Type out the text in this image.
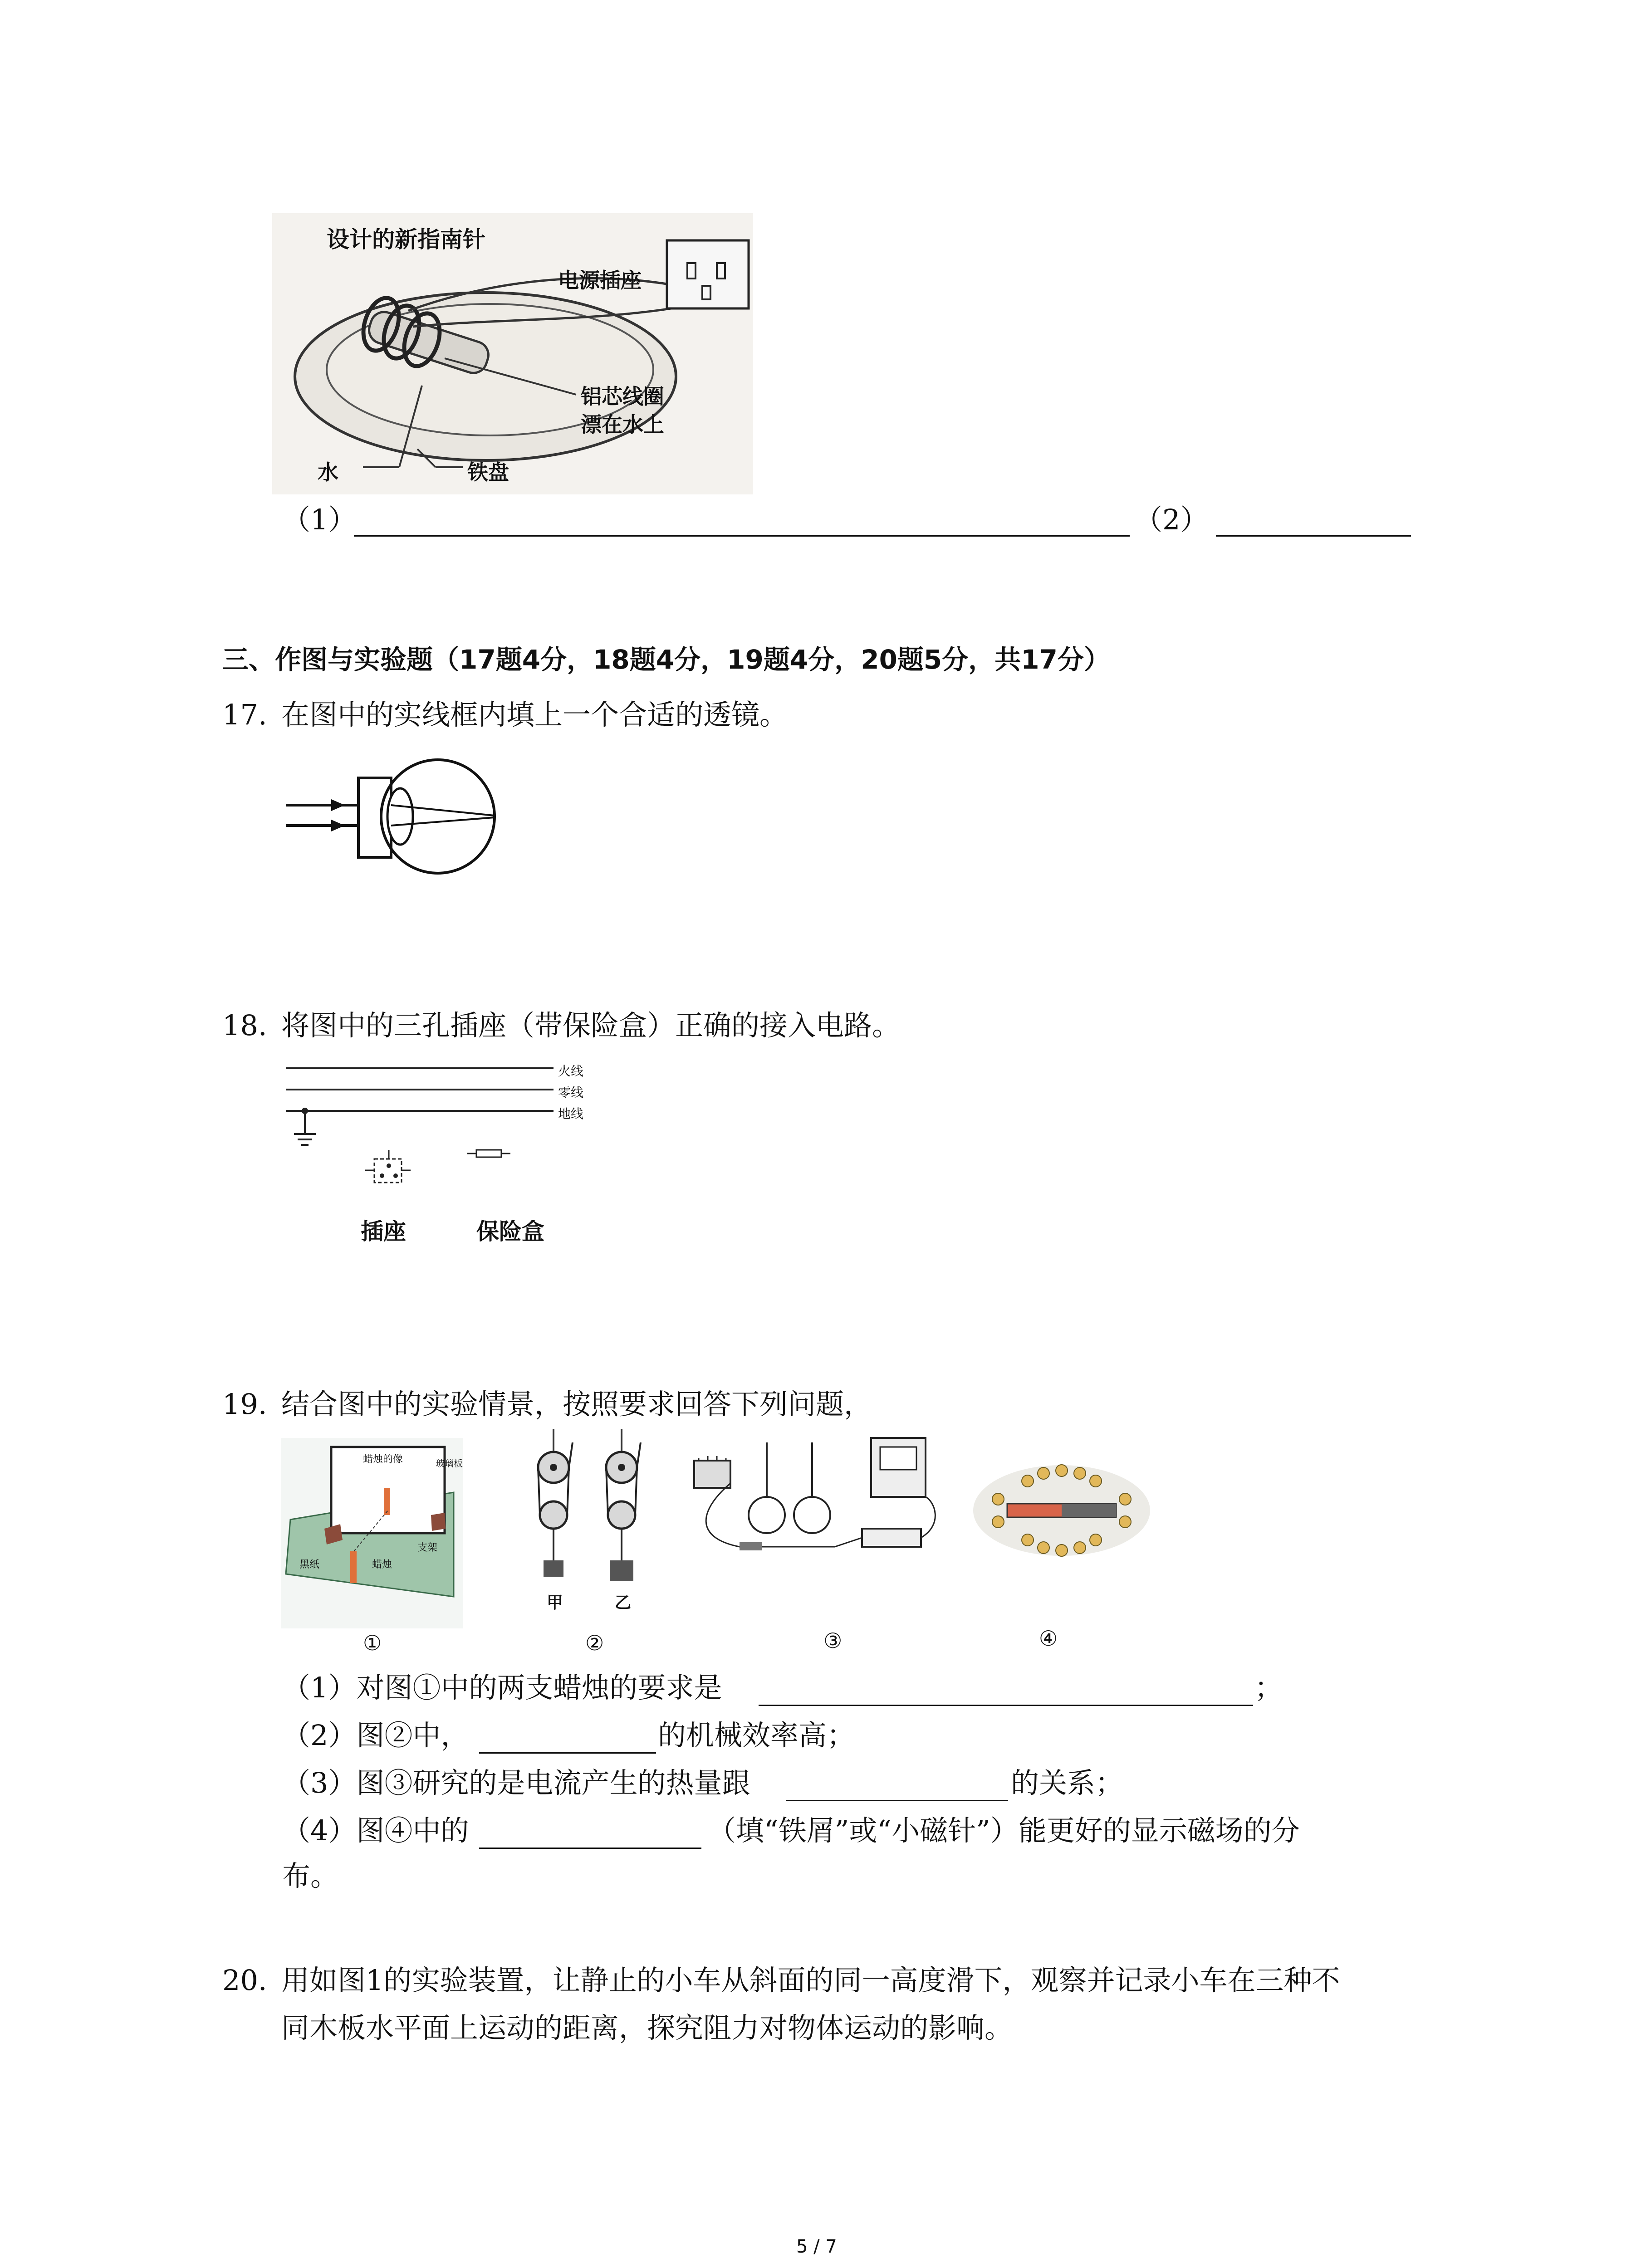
设计的新指南针
电源插座
铝芯线圈
漂在水上
水	铁盘
（1）	（2）
三、作图与实验题（17题4分，18题4分，19题4分，20题5分，共17分）
17. 在图中的实线框内填上一个合适的透镜。
18. 将图中的三孔插座（带保险盒）正确的接入电路。
火线
零线
地线
插座	保险盒
19. 结合图中的实验情景，按照要求回答下列问题，
蜡烛的像	玻璃板
支架
黑纸	蜡烛
甲	乙
①	②	③	④
（1）对图①中的两支蜡烛的要求是	；
（2）图②中，	的机械效率高；
（3）图③研究的是电流产生的热量跟	的关系；
（4）图④中的	（填“铁屑”或“小磁针”）能更好的显示磁场的分
布。
20. 用如图1的实验装置，让静止的小车从斜面的同一高度滑下，观察并记录小车在三种不
同木板水平面上运动的距离，探究阻力对物体运动的影响。
5 / 7
